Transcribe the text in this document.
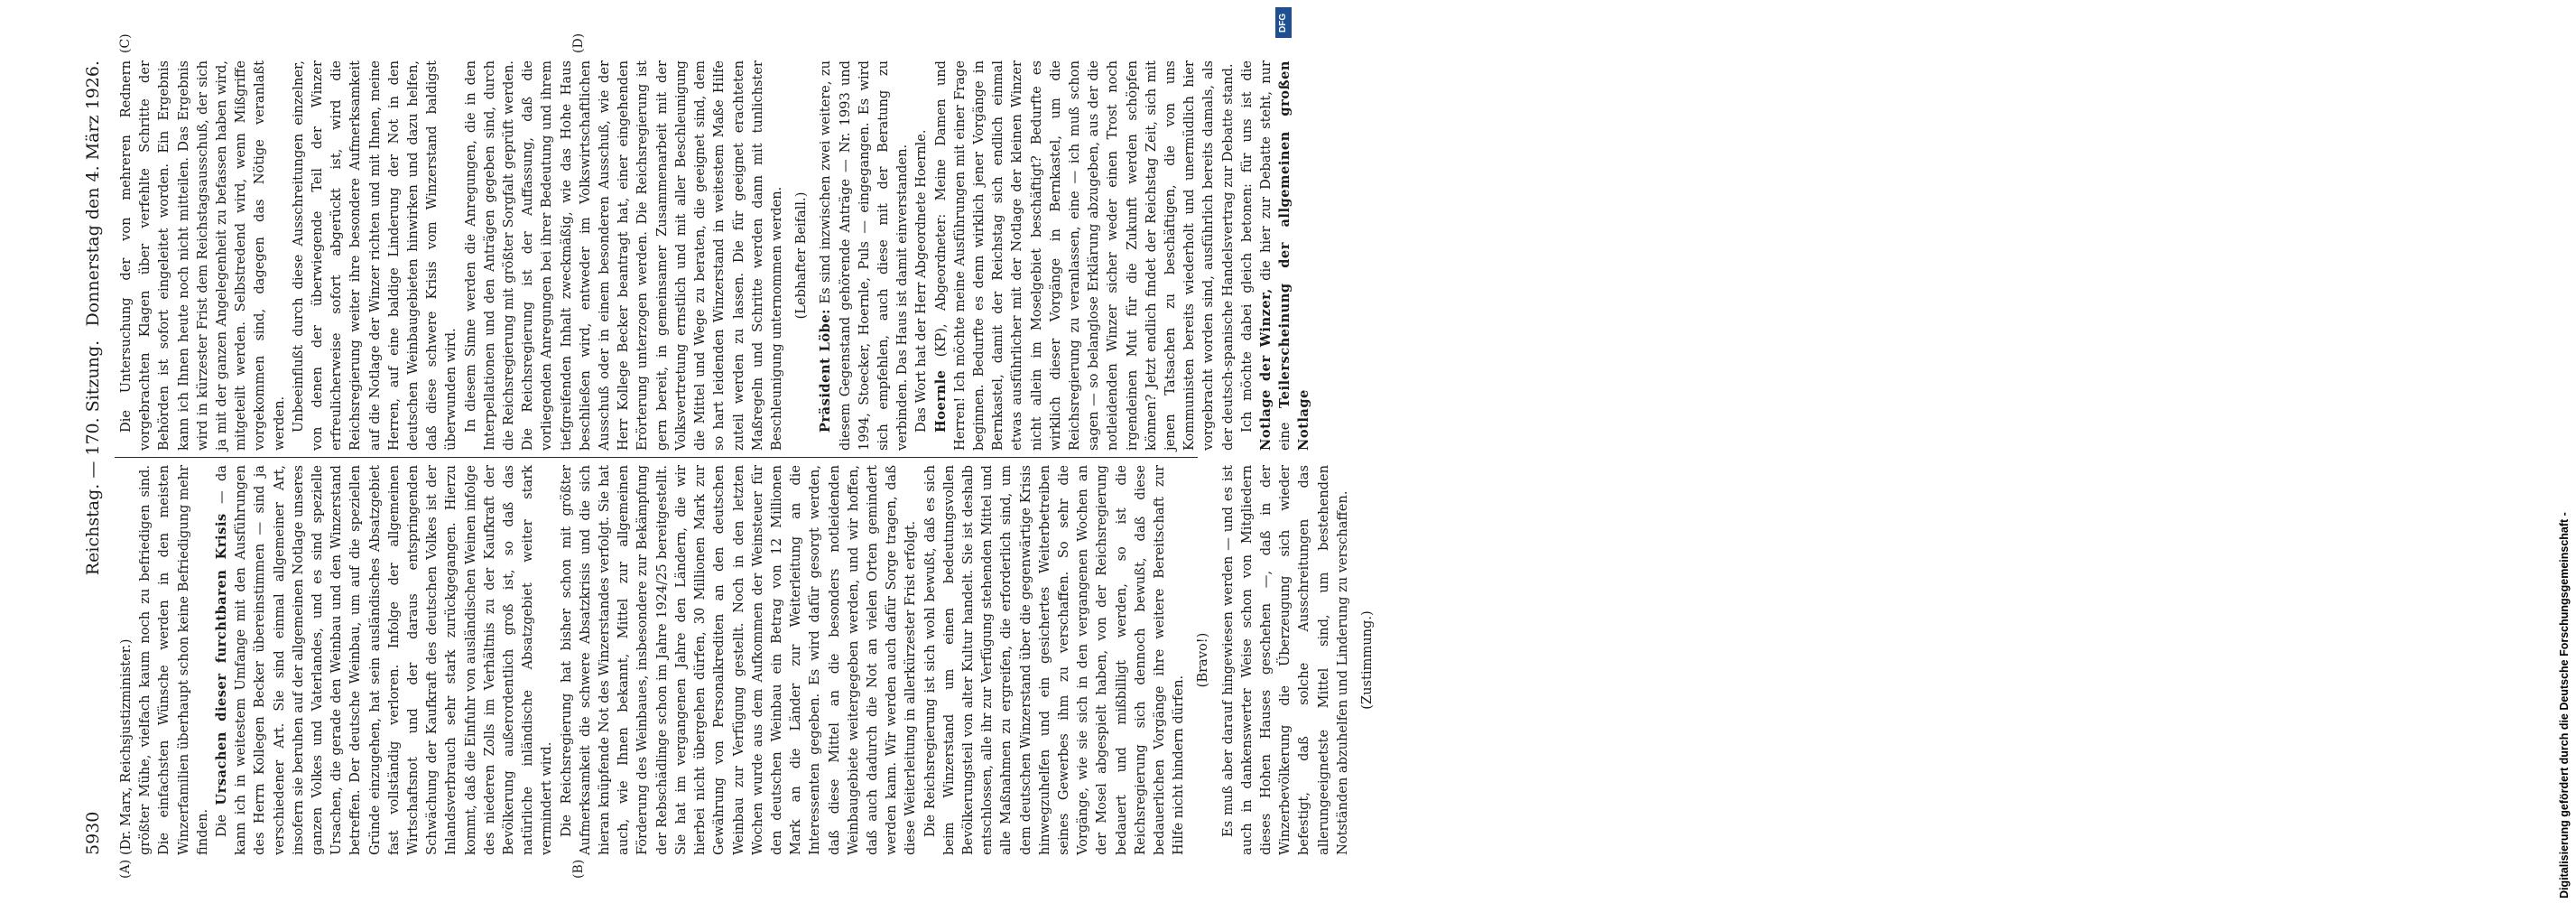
5930
Reichstag. — 170. Sitzung.
Donnerstag den 4. März 1926.
(A)	(B)
(C)	(D)

(Dr. Marx, Reichsjustizminister.) größter Mühe, vielfach kaum noch zu befriedigen sind. Die einfachsten Wünsche werden in den meisten Winzerfamilien überhaupt schon keine Befriedigung mehr finden. Die Ursachen dieser furchtbaren Krisis — da kann ich in weitestem Umfange mit den Ausführungen des Herrn Kollegen Becker übereinstimmen — sind ja verschiedener Art. Sie sind einmal allgemeiner Art, insofern sie beruhen auf der allgemeinen Notlage unseres ganzen Volkes und Vaterlandes, und es sind spezielle Ursachen, die gerade den Weinbau und den Winzerstand betreffen. Der deutsche Weinbau, um auf die speziellen Gründe einzugehen, hat sein ausländisches Absatzgebiet fast vollständig verloren. Infolge der allgemeinen Wirtschaftsnot und der daraus entspringenden Schwächung der Kaufkraft des deutschen Volkes ist der Inlandsverbrauch sehr stark zurückgegangen. Hierzu kommt, daß die Einfuhr von ausländischen Weinen infolge des niederen Zolls im Verhältnis zu der Kaufkraft der Bevölkerung außerordentlich groß ist, so daß das natürliche inländische Absatzgebiet weiter stark vermindert wird. Die Reichsregierung hat bisher schon mit größter Aufmerksamkeit die schwere Absatzkrisis und die sich hieran knüpfende Not des Winzerstandes verfolgt. Sie hat auch, wie Ihnen bekannt, Mittel zur allgemeinen Förderung des Weinbaues, insbesondere zur Bekämpfung der Rebschädlinge schon im Jahre 1924/25 bereitgestellt. Sie hat im vergangenen Jahre den Ländern, die wir hierbei nicht übergehen dürfen, 30 Millionen Mark zur Gewährung von Personalkrediten an den deutschen Weinbau zur Verfügung gestellt. Noch in den letzten Wochen wurde aus dem Aufkommen der Weinsteuer für den deutschen Weinbau ein Betrag von 12 Millionen Mark an die Länder zur Weiterleitung an die Interessenten gegeben. Es wird dafür gesorgt werden, daß diese Mittel an die besonders notleidenden Weinbaugebiete weitergegeben werden, und wir hoffen, daß auch dadurch die Not an vielen Orten gemindert werden kann. Wir werden auch dafür Sorge tragen, daß diese Weiterleitung in allerkürzester Frist erfolgt. Die Reichsregierung ist sich wohl bewußt, daß es sich beim Winzerstand um einen bedeutungsvollen Bevölkerungsteil von alter Kultur handelt. Sie ist deshalb entschlossen, alle ihr zur Verfügung stehenden Mittel und alle Maßnahmen zu ergreifen, die erforderlich sind, um dem deutschen Winzerstand über die gegenwärtige Krisis hinwegzuhelfen und ein gesichertes Weiterbetreiben seines Gewerbes ihm zu verschaffen. So sehr die Vorgänge, wie sie sich in den vergangenen Wochen an der Mosel abgespielt haben, von der Reichsregierung bedauert und mißbilligt werden, so ist die Reichsregierung sich dennoch bewußt, daß diese bedauerlichen Vorgänge ihre weitere Bereitschaft zur Hilfe nicht hindern dürfen.

(Bravo!) Es muß aber darauf hingewiesen werden — und es ist auch in dankenswerter Weise schon von Mitgliedern dieses Hohen Hauses geschehen —, daß in der Winzerbevölkerung die Überzeugung sich wieder befestigt, daß solche Ausschreitungen das allerungeeignetste Mittel sind, um bestehenden Notständen abzuhelfen und Linderung zu verschaffen. (Zustimmung.)

Die Untersuchung der von mehreren Rednern vorgebrachten Klagen über verfehlte Schritte der Behörden ist sofort eingeleitet worden. Ein Ergebnis kann ich Ihnen heute noch nicht mitteilen. Das Ergebnis wird in kürzester Frist dem Reichstagsausschuß, der sich ja mit der ganzen Angelegenheit zu befassen haben wird, mitgeteilt werden. Selbstredend wird, wenn Mißgriffe vorgekommen sind, dagegen das Nötige veranlaßt werden. Unbeeinflußt durch diese Ausschreitungen einzelner, von denen der überwiegende Teil der Winzer erfreulicherweise sofort abgerückt ist, wird die Reichsregierung weiter ihre besondere Aufmerksamkeit auf die Notlage der Winzer richten und mit Ihnen, meine Herren, auf eine baldige Linderung der Not in den deutschen Weinbaugebieten hinwirken und dazu helfen, daß diese schwere Krisis vom Winzerstand baldigst überwunden wird. In diesem Sinne werden die Anregungen, die in den Interpellationen und den Anträgen gegeben sind, durch die Reichsregierung mit größter Sorgfalt geprüft werden. Die Reichsregierung ist der Auffassung, daß die vorliegenden Anregungen bei ihrer Bedeutung und ihrem tiefgreifenden Inhalt zweckmäßig, wie das Hohe Haus beschließen wird, entweder im Volkswirtschaftlichen Ausschuß oder in einem besonderen Ausschuß, wie der Herr Kollege Becker beantragt hat, einer eingehenden Erörterung unterzogen werden. Die Reichsregierung ist gern bereit, in gemeinsamer Zusammenarbeit mit der Volksvertretung ernstlich und mit aller Beschleunigung die Mittel und Wege zu beraten, die geeignet sind, dem so hart leidenden Winzerstand in weitestem Maße Hilfe zuteil werden zu lassen. Die für geeignet erachteten Maßregeln und Schritte werden dann mit tunlichster Beschleunigung unternommen werden. (Lebhafter Beifall.)

Präsident Löbe: Es sind inzwischen zwei weitere, zu diesem Gegenstand gehörende Anträge — Nr. 1993 und 1994, Stoecker, Hoernle, Puls — eingegangen. Es wird sich empfehlen, auch diese mit der Beratung zu verbinden. Das Haus ist damit einverstanden. Das Wort hat der Herr Abgeordnete Hoernle. Hoernle (KP), Abgeordneter: Meine Damen und Herren! Ich möchte meine Ausführungen mit einer Frage beginnen. Bedurfte es denn wirklich jener Vorgänge in Bernkastel, damit der Reichstag sich endlich einmal etwas ausführlicher mit der Notlage der kleinen Winzer nicht allein im Moselgebiet beschäftigt? Bedurfte es wirklich dieser Vorgänge in Bernkastel, um die Reichsregierung zu veranlassen, eine — ich muß schon sagen — so belanglose Erklärung abzugeben, aus der die notleidenden Winzer sicher weder einen Trost noch irgendeinen Mut für die Zukunft werden schöpfen können? Jetzt endlich findet der Reichstag Zeit, sich mit jenen Tatsachen zu beschäftigen, die von uns Kommunisten bereits wiederholt und unermüdlich hier vorgebracht worden sind, ausführlich bereits damals, als der deutsch-spanische Handelsvertrag zur Debatte stand. Ich möchte dabei gleich betonen: für uns ist die Notlage der Winzer, die hier zur Debatte steht, nur eine Teilerscheinung der allgemeinen großen Notlage

DFG
Digitalisierung gefördert durch die Deutsche Forschungsgemeinschaft -
